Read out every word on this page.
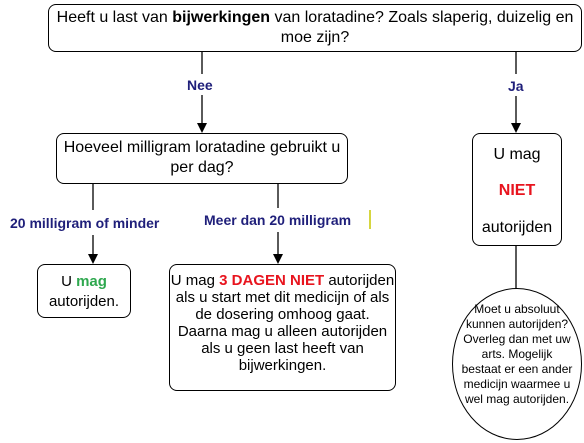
Heeft u last van bijwerkingen van loratadine? Zoals slaperig, duizelig en moe zijn?
Nee	Ja
Hoeveel milligram loratadine gebruikt u per dag?
U mag
NIET
autorijden
20 milligram of minder	Meer dan 20 milligram
U mag
autorijden.
U mag 3 DAGEN NIET autorijden als u start met dit medicijn of als de dosering omhoog gaat. Daarna mag u alleen autorijden als u geen last heeft van bijwerkingen.
Moet u absoluut kunnen autorijden? Overleg dan met uw arts. Mogelijk bestaat er een ander medicijn waarmee u wel mag autorijden.
